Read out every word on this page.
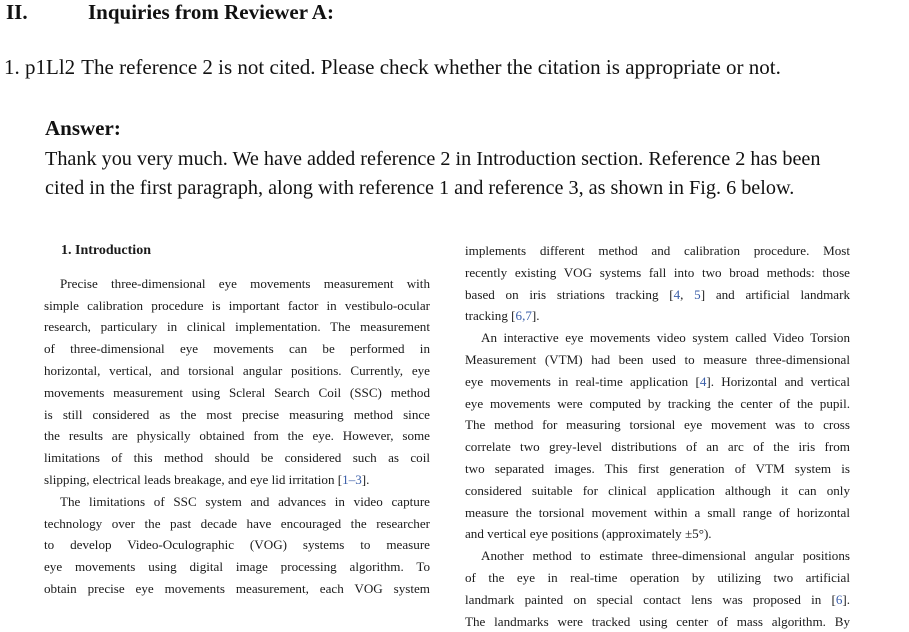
II.	Inquiries from Reviewer A:
1. p1Ll2 The reference 2 is not cited. Please check whether the citation is appropriate or not.
Answer:
Thank you very much. We have added reference 2 in Introduction section. Reference 2 has been
cited in the first paragraph, along with reference 1 and reference 3, as shown in Fig. 6 below.
1. Introduction
Precise three-dimensional eye movements measurement with
simple calibration procedure is important factor in vestibulo-ocular
research, particulary in clinical implementation. The measurement
of three-dimensional eye movements can be performed in
horizontal, vertical, and torsional angular positions. Currently, eye
movements measurement using Scleral Search Coil (SSC) method
is still considered as the most precise measuring method since
the results are physically obtained from the eye. However, some
limitations of this method should be considered such as coil
slipping, electrical leads breakage, and eye lid irritation [1–3].
The limitations of SSC system and advances in video capture
technology over the past decade have encouraged the researcher
to develop Video-Oculographic (VOG) systems to measure
eye movements using digital image processing algorithm. To
obtain precise eye movements measurement, each VOG system
implements different method and calibration procedure. Most
recently existing VOG systems fall into two broad methods: those
based on iris striations tracking [4, 5] and artificial landmark
tracking [6,7].
An interactive eye movements video system called Video Torsion
Measurement (VTM) had been used to measure three-dimensional
eye movements in real-time application [4]. Horizontal and vertical
eye movements were computed by tracking the center of the pupil.
The method for measuring torsional eye movement was to cross
correlate two grey-level distributions of an arc of the iris from
two separated images. This first generation of VTM system is
considered suitable for clinical application although it can only
measure the torsional movement within a small range of horizontal
and vertical eye positions (approximately ±5°).
Another method to estimate three-dimensional angular positions
of the eye in real-time operation by utilizing two artificial
landmark painted on special contact lens was proposed in [6].
The landmarks were tracked using center of mass algorithm. By
